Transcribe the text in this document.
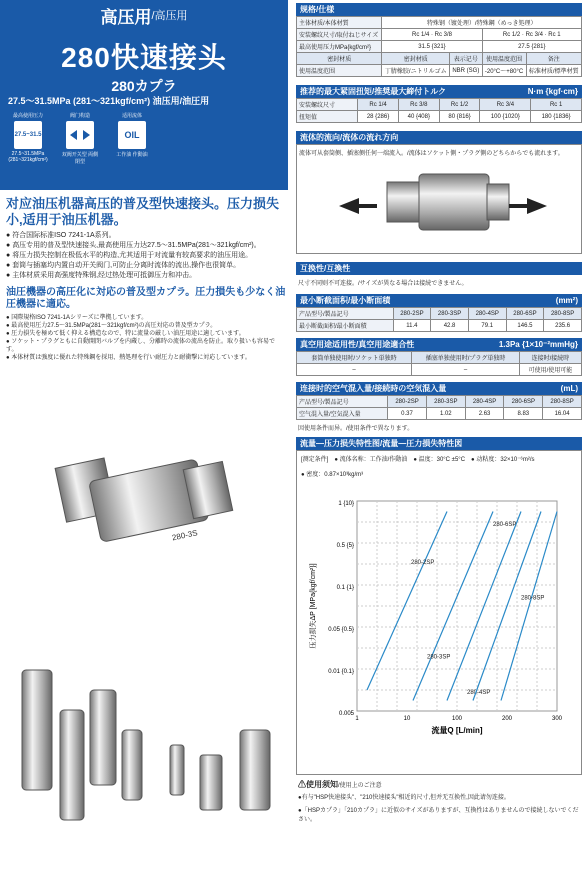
高压用 /高压用
280快速接头
280カプラ
27.5～31.5MPa (281～321kgf/cm²) 油压用/油圧用
最高使用压力
27.5~31.5
27.5~31.5MPa (281~321kgf/cm²)
阀门构造
双阀开关型 両側閉型
适用流体
OIL
工作油 作動油
对应油压机器高压的普及型快速接头。压力损失小,适用于油压机器。
● 符合国际标准ISO 7241-1A系列。
● 高压专用的普及型快速接头,最高使用压力达27.5～31.5MPa(281～321kgf/cm²)。
● 将压力损失控制在极低水平的构造,尤其适用于对流量有较高要求的油压用途。
● 套筒与插塞均内置自动开关阀门,可防止分离时流体的流出,操作也很简单。
● 主体材质采用高强度特殊钢,经过热处理可抵御压力和冲击。
油圧機器の高圧化に対応の普及型カプラ。圧力損失も少なく油圧機器に適応。
● 国際規格ISO 7241-1Aシリーズに準拠しています。
● 最高使用圧力27.5～31.5MPa(281～321kgf/cm²)の高圧対応の普及型カプラ。
● 圧力損失を極めて低く抑える構造なので、特に流量の厳しい油圧用途に適しています。
● ソケット・プラグともに自動開閉バルブを内蔵し、分離時の流体の流出を防止。取り扱いも容易です。
● 本体材質は強度に優れた特殊鋼を採用、熱処理を行い耐圧力と耐衝撃に対応しています。
280-3S
规格/仕様
主体材质/本体材質	特殊钢（镀处理）/特殊鋼（めっき処理）			
安装螺纹尺寸/取付ねじサイズ	Rc 1/4 · Rc 3/8		Rc 1/2 · Rc 3/4 · Rc 1	
最高使用压力MPa{kgf/cm²}	31.5 {321}		27.5 {281}	
密封材质	密封材质	表示记号	使用温度范围	备注
使用温度范围	丁腈橡胶/ニトリルゴム	NBR (SG)	-20°C～+80°C	标准材质/標準材質
推荐的最大紧固扭矩/推奨最大締付トルク	N·m {kgf·cm}
安装螺纹尺寸	Rc 1/4	Rc 3/8	Rc 1/2	Rc 3/4	Rc 1
扭矩值	28 {286}	40 {408}	80 {816}	100 {1020}	180 {1836}
流体的流向/流体の流れ方向
流体可从套筒侧、插塞侧任何一端流入。/流体はソケット側・プラグ側のどちらからでも流れます。
互换性/互換性
尺寸不同则不可连接。/サイズが異なる場合は接続できません。
最小断截面积/最小断面積	(mm²)
产品型号/製品記号	280-2SP	280-3SP	280-4SP	280-6SP	280-8SP
最小断截面积/最小断面積	11.4	42.8	79.1	146.5	235.6
真空用途适用性/真空用途適合性	1.3Pa {1×10⁻²mmHg}
套筒单独使用时/ソケット単独時	插塞单独使用时/プラグ単独時	连接时/接続時
–	–	可使用/使用可能
连接时的空气混入量/接続時の空気混入量	(mL)
产品型号/製品記号	280-2SP	280-3SP	280-4SP	280-6SP	280-8SP
空气混入量/空気混入量	0.37	1.02	2.63	8.83	16.04
因使用条件而异。/使用条件で異なります。
流量—压力损失特性图/流量—圧力損失特性図
[测定条件] ● 流体名称：工作油/作動油 ● 温度：30°C ±5°C ● 动粘度：32×10⁻⁶m²/s
● 密度：0.87×10³kg/m³
1 {10}
0.5 {5}
0.1 {1}
0.05 {0.5}
0.01 {0.1}
0.005
1	10	100	200	300
流量Q [L/min]
压力损失ΔP [MPa{kgf/cm²}]
280-2SP
280-3SP
280-4SP
280-6SP
280-8SP
⚠使用须知/使用上のご注意
●有与"HSP快速接头"、"210快速接头"相近的尺寸,但并无互换性,因此请勿连接。
●「HSPカプラ」「210カプラ」に近似のサイズがありますが、互換性はありませんので接続しないでください。
